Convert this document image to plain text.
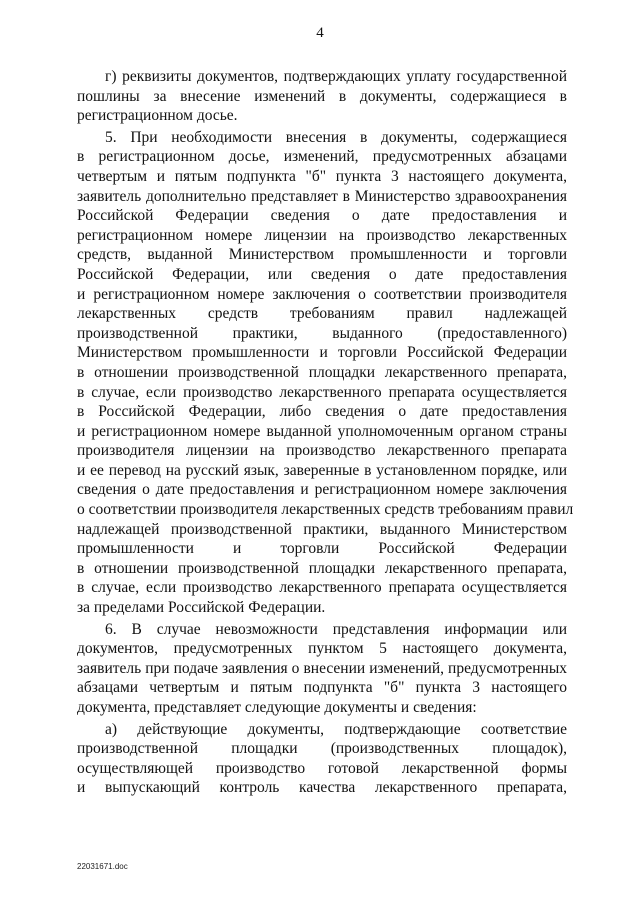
4
г) реквизиты документов, подтверждающих уплату государственной
пошлины за внесение изменений в документы, содержащиеся в
регистрационном досье.
5. При необходимости внесения в документы, содержащиеся
в регистрационном досье, изменений, предусмотренных абзацами
четвертым и пятым подпункта "б" пункта 3 настоящего документа,
заявитель дополнительно представляет в Министерство здравоохранения
Российской Федерации сведения о дате предоставления и
регистрационном номере лицензии на производство лекарственных
средств, выданной Министерством промышленности и торговли
Российской Федерации, или сведения о дате предоставления
и регистрационном номере заключения о соответствии производителя
лекарственных средств требованиям правил надлежащей
производственной практики, выданного (предоставленного)
Министерством промышленности и торговли Российской Федерации
в отношении производственной площадки лекарственного препарата,
в случае, если производство лекарственного препарата осуществляется
в Российской Федерации, либо сведения о дате предоставления
и регистрационном номере выданной уполномоченным органом страны
производителя лицензии на производство лекарственного препарата
и ее перевод на русский язык, заверенные в установленном порядке, или
сведения о дате предоставления и регистрационном номере заключения
о соответствии производителя лекарственных средств требованиям правил
надлежащей производственной практики, выданного Министерством
промышленности и торговли Российской Федерации
в отношении производственной площадки лекарственного препарата,
в случае, если производство лекарственного препарата осуществляется
за пределами Российской Федерации.
6. В случае невозможности представления информации или
документов, предусмотренных пунктом 5 настоящего документа,
заявитель при подаче заявления о внесении изменений, предусмотренных
абзацами четвертым и пятым подпункта "б" пункта 3 настоящего
документа, представляет следующие документы и сведения:
а) действующие документы, подтверждающие соответствие
производственной площадки (производственных площадок),
осуществляющей производство готовой лекарственной формы
и выпускающий контроль качества лекарственного препарата,
22031671.doc
